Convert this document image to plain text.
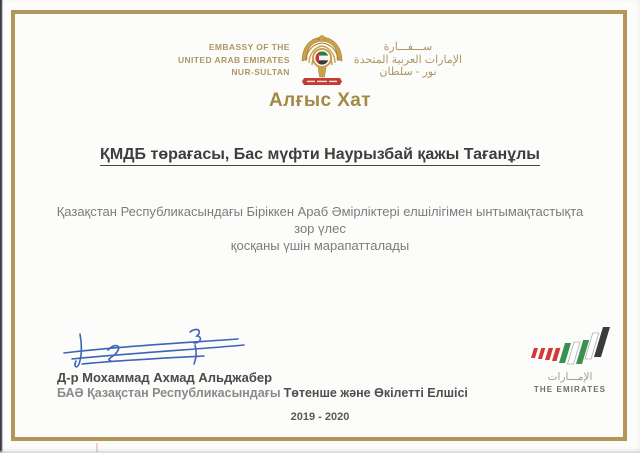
EMBASSY OF THE
UNITED ARAB EMIRATES
NUR-SULTAN
ســـفـــارة
الإمارات العربية المتحدة
نور - سلطان
Алғыс Хат
ҚМДБ төрағасы, Бас мүфти Наурызбай қажы Тағанұлы
Қазақстан Республикасындағы Біріккен Араб Әмірліктері елшілігімен ынтымақтастықта зор үлес
қосқаны үшін марапатталады
Д-р Мохаммад Ахмад Альджабер
БАӘ Қазақстан Республикасындағы Төтенше және Өкілетті Елшісі
الإمـــارات
THE EMIRATES
2019 - 2020
